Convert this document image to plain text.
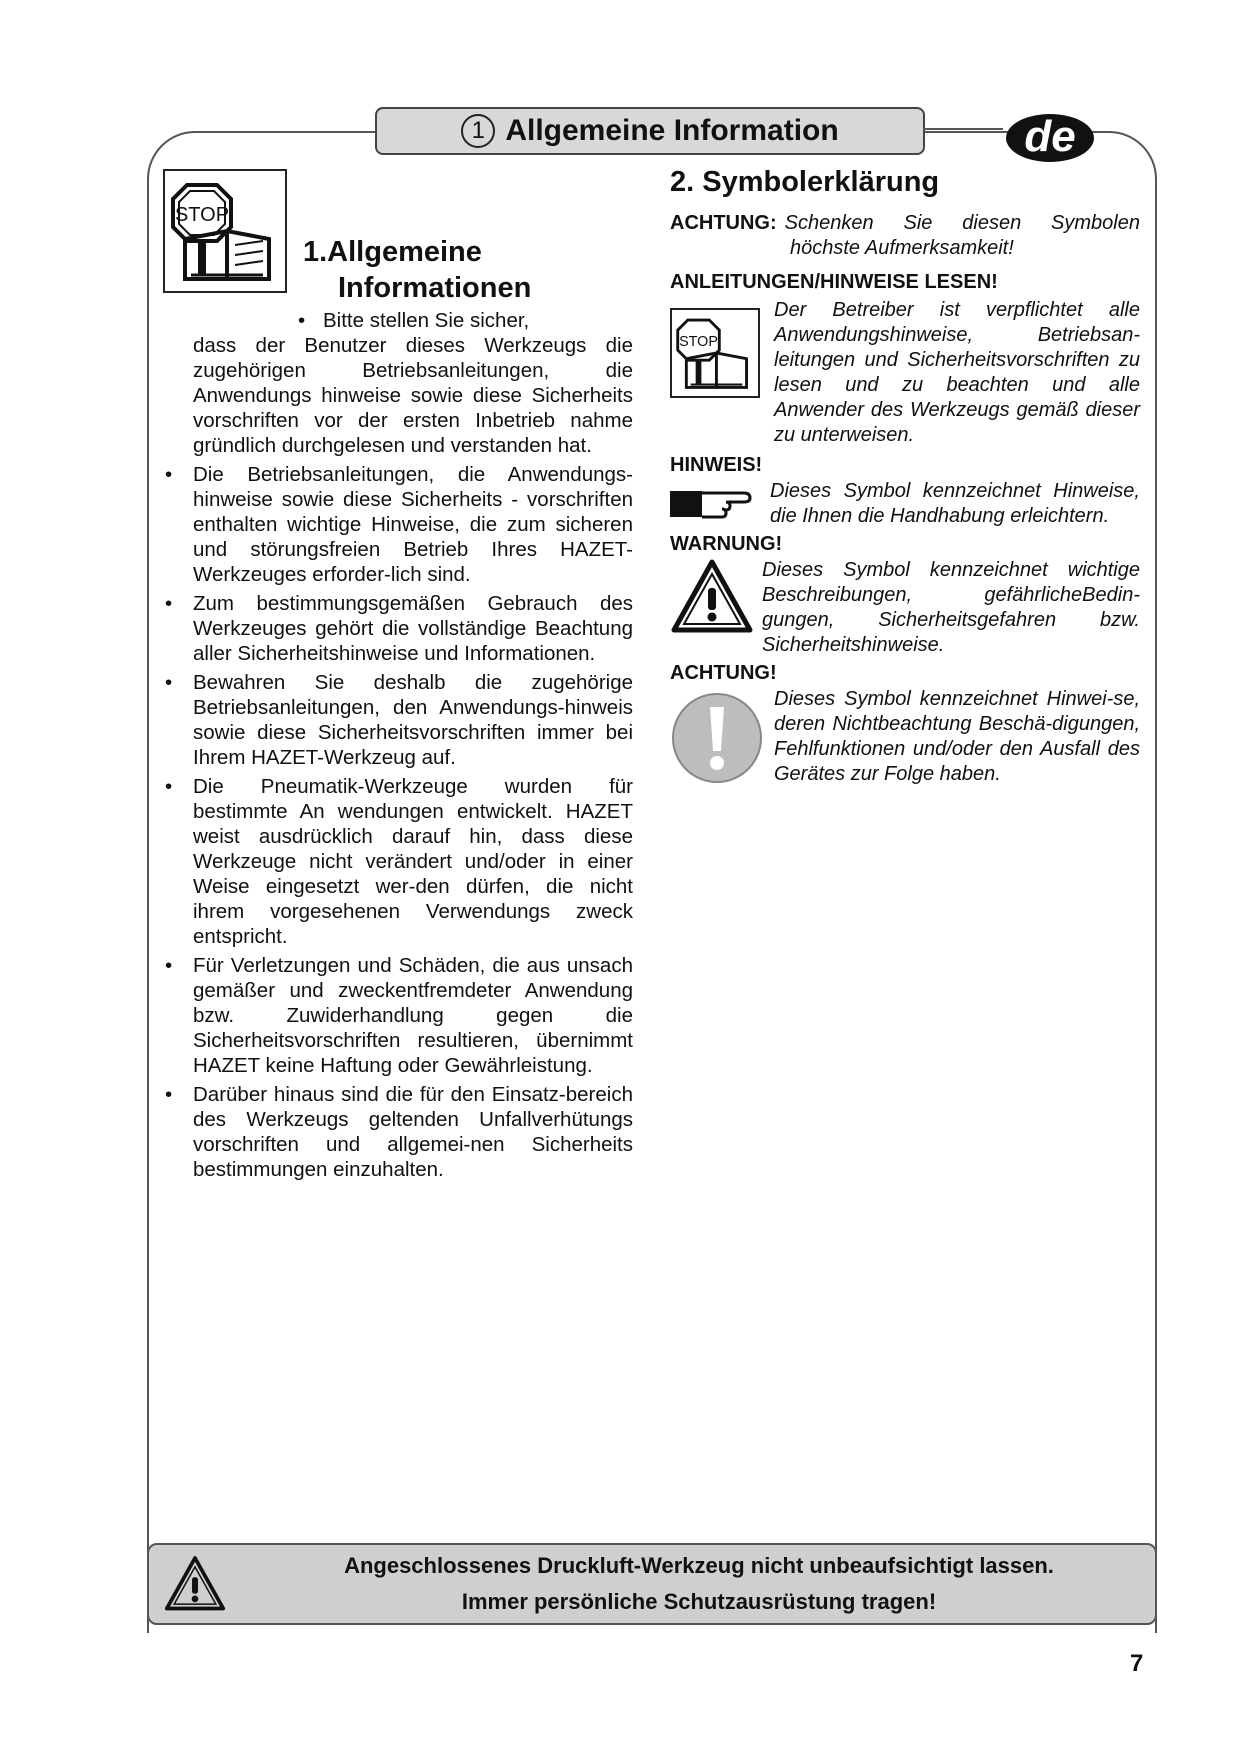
1 Allgemeine Information	de
STOP
1.Allgemeine
Informationen
• Bitte stellen Sie sicher,
dass der Benutzer dieses Werkzeugs die zugehörigen Betriebsanleitungen, die Anwendungs hinweise sowie diese Sicherheits vorschriften vor der ersten Inbetrieb nahme gründlich durchgelesen und verstanden hat.
• Die Betriebsanleitungen, die Anwendungs-hinweise sowie diese Sicherheits - vorschriften enthalten wichtige Hinweise, die zum sicheren und störungsfreien Betrieb Ihres HAZET-Werkzeuges erforder-lich sind.
• Zum bestimmungsgemäßen Gebrauch des Werkzeuges gehört die vollständige Beachtung aller Sicherheitshinweise und Informationen.
• Bewahren Sie deshalb die zugehörige Betriebsanleitungen, den Anwendungs-hinweis sowie diese Sicherheitsvorschriften immer bei Ihrem HAZET-Werkzeug auf.
• Die Pneumatik-Werkzeuge wurden für bestimmte An wendungen entwickelt. HAZET weist ausdrücklich darauf hin, dass diese Werkzeuge nicht verändert und/oder in einer Weise eingesetzt wer-den dürfen, die nicht ihrem vorgesehenen Verwendungs zweck entspricht.
• Für Verletzungen und Schäden, die aus unsach gemäßer und zweckentfremdeter Anwendung bzw. Zuwiderhandlung gegen die Sicherheitsvorschriften resultieren, übernimmt HAZET keine Haftung oder Gewährleistung.
• Darüber hinaus sind die für den Einsatz-bereich des Werkzeugs geltenden Unfallverhütungs vorschriften und allgemei-nen Sicherheits bestimmungen einzuhalten.
2. Symbolerklärung
ACHTUNG: Schenken Sie diesen Symbolen
höchste Aufmerksamkeit!
ANLEITUNGEN/HINWEISE LESEN!
STOP
Der Betreiber ist verpflichtet alle Anwendungshinweise, Betriebsan-leitungen und Sicherheitsvorschriften zu lesen und zu beachten und alle Anwender des Werkzeugs gemäß dieser zu unterweisen.
HINWEIS!
Dieses Symbol kennzeichnet Hinweise, die Ihnen die Handhabung erleichtern.
WARNUNG!
Dieses Symbol kennzeichnet wichtige Beschreibungen, gefährlicheBedin-gungen, Sicherheitsgefahren bzw. Sicherheitshinweise.
ACHTUNG!
Dieses Symbol kennzeichnet Hinwei-se, deren Nichtbeachtung Beschä-digungen, Fehlfunktionen und/oder den Ausfall des Gerätes zur Folge haben.
Angeschlossenes Druckluft-Werkzeug nicht unbeaufsichtigt lassen.
Immer persönliche Schutzausrüstung tragen!
7
